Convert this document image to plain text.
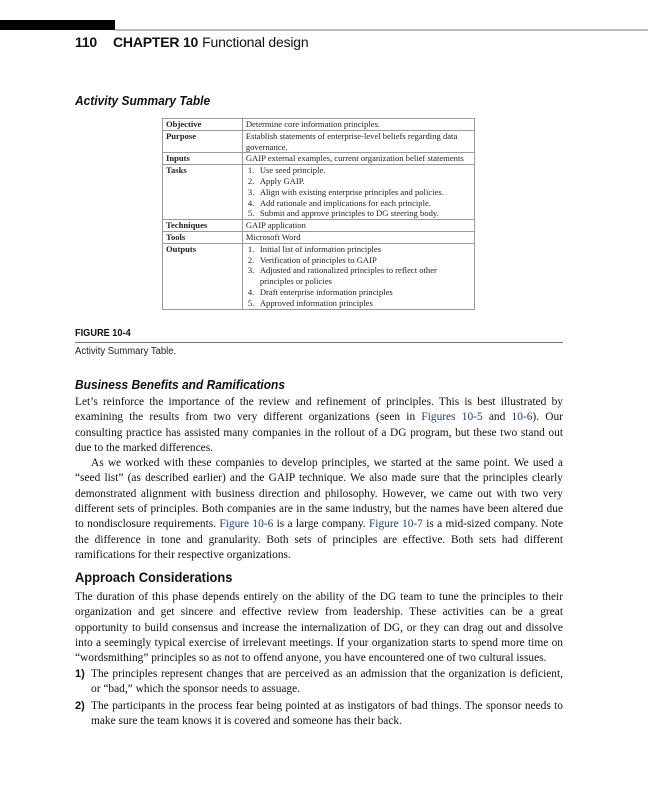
110 CHAPTER 10 Functional design
Activity Summary Table
Objective	Determine core information principles.
Purpose	Establish statements of enterprise-level beliefs regarding data governance.
Inputs	GAIP external examples, current organization belief statements
Tasks	1. Use seed principle.
2. Apply GAIP.
3. Align with existing enterprise principles and policies.
4. Add rationale and implications for each principle.
5. Submit and approve principles to DG steering body.

Techniques	GAIP application
Tools	Microsoft Word
Outputs	1. Initial list of information principles
2. Verification of principles to GAIP
3. Adjusted and rationalized principles to reflect other principles or policies
4. Draft enterprise information principles
5. Approved information principles
FIGURE 10-4
Activity Summary Table.
Business Benefits and Ramifications

Let’s reinforce the importance of the review and refinement of principles. This is best illustrated by examining the results from two very different organizations (seen in Figures 10-5 and 10-6). Our consulting practice has assisted many companies in the rollout of a DG program, but these two stand out due to the marked differences.

As we worked with these companies to develop principles, we started at the same point. We used a “seed list” (as described earlier) and the GAIP technique. We also made sure that the principles clearly demonstrated alignment with business direction and philosophy. However, we came out with two very different sets of principles. Both companies are in the same industry, but the names have been altered due to nondisclosure requirements. Figure 10-6 is a large company. Figure 10-7 is a mid-sized company. Note the difference in tone and granularity. Both sets of principles are effective. Both sets had different ramifications for their respective organizations.

Approach Considerations

The duration of this phase depends entirely on the ability of the DG team to tune the principles to their organization and get sincere and effective review from leadership. These activities can be a great opportunity to build consensus and increase the internalization of DG, or they can drag out and dissolve into a seemingly typical exercise of irrelevant meetings. If your organization starts to spend more time on “wordsmithing” principles so as not to offend anyone, you have encountered one of two cultural issues.

1) The principles represent changes that are perceived as an admission that the organization is deficient, or “bad,” which the sponsor needs to assuage.
2) The participants in the process fear being pointed at as instigators of bad things. The sponsor needs to make sure the team knows it is covered and someone has their back.
